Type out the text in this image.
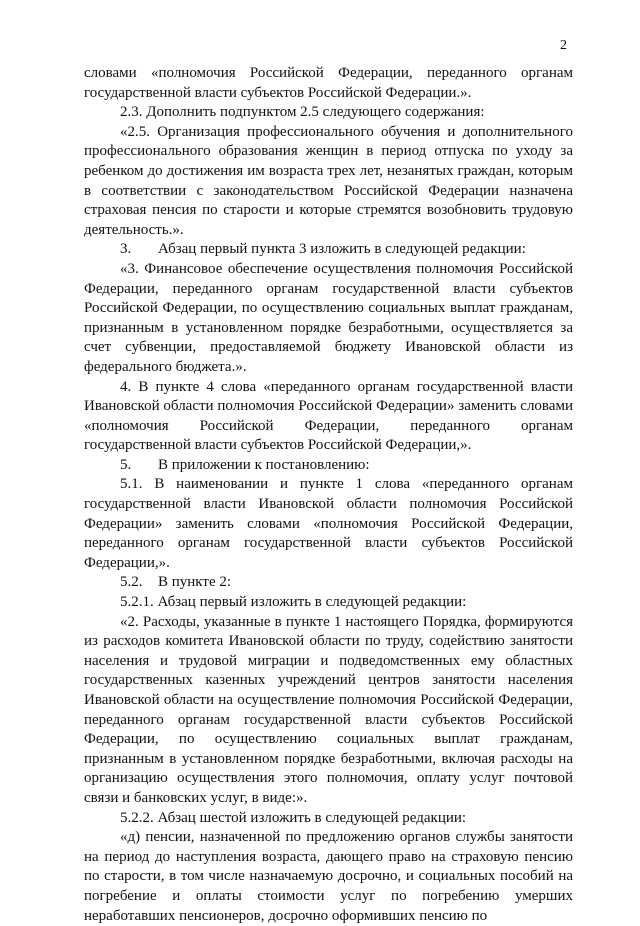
2

словами «полномочия Российской Федерации, переданного органам государственной власти субъектов Российской Федерации.».

2.3. Дополнить подпунктом 2.5 следующего содержания:

«2.5. Организация профессионального обучения и дополнительного профессионального образования женщин в период отпуска по уходу за ребенком до достижения им возраста трех лет, незанятых граждан, которым в соответствии с законодательством Российской Федерации назначена страховая пенсия по старости и которые стремятся возобновить трудовую деятельность.».

3.	Абзац первый пункта 3 изложить в следующей редакции:

«3. Финансовое обеспечение осуществления полномочия Российской Федерации, переданного органам государственной власти субъектов Российской Федерации, по осуществлению социальных выплат гражданам, признанным в установленном порядке безработными, осуществляется за счет субвенции, предоставляемой бюджету Ивановской области из федерального бюджета.».

4. В пункте 4 слова «переданного органам государственной власти Ивановской области полномочия Российской Федерации» заменить словами «полномочия Российской Федерации, переданного органам государственной власти субъектов Российской Федерации,».

5.	В приложении к постановлению:

5.1. В наименовании и пункте 1 слова «переданного органам государственной власти Ивановской области полномочия Российской Федерации» заменить словами «полномочия Российской Федерации, переданного органам государственной власти субъектов Российской Федерации,».

5.2.	В пункте 2:

5.2.1. Абзац первый изложить в следующей редакции:

«2. Расходы, указанные в пункте 1 настоящего Порядка, формируются из расходов комитета Ивановской области по труду, содействию занятости населения и трудовой миграции и подведомственных ему областных государственных казенных учреждений центров занятости населения Ивановской области на осуществление полномочия Российской Федерации, переданного органам государственной власти субъектов Российской Федерации, по осуществлению социальных выплат гражданам, признанным в установленном порядке безработными, включая расходы на организацию осуществления этого полномочия, оплату услуг почтовой связи и банковских услуг, в виде:».

5.2.2. Абзац шестой изложить в следующей редакции:

«д) пенсии, назначенной по предложению органов службы занятости на период до наступления возраста, дающего право на страховую пенсию по старости, в том числе назначаемую досрочно, и социальных пособий на погребение и оплаты стоимости услуг по погребению умерших неработавших пенсионеров, досрочно оформивших пенсию по
